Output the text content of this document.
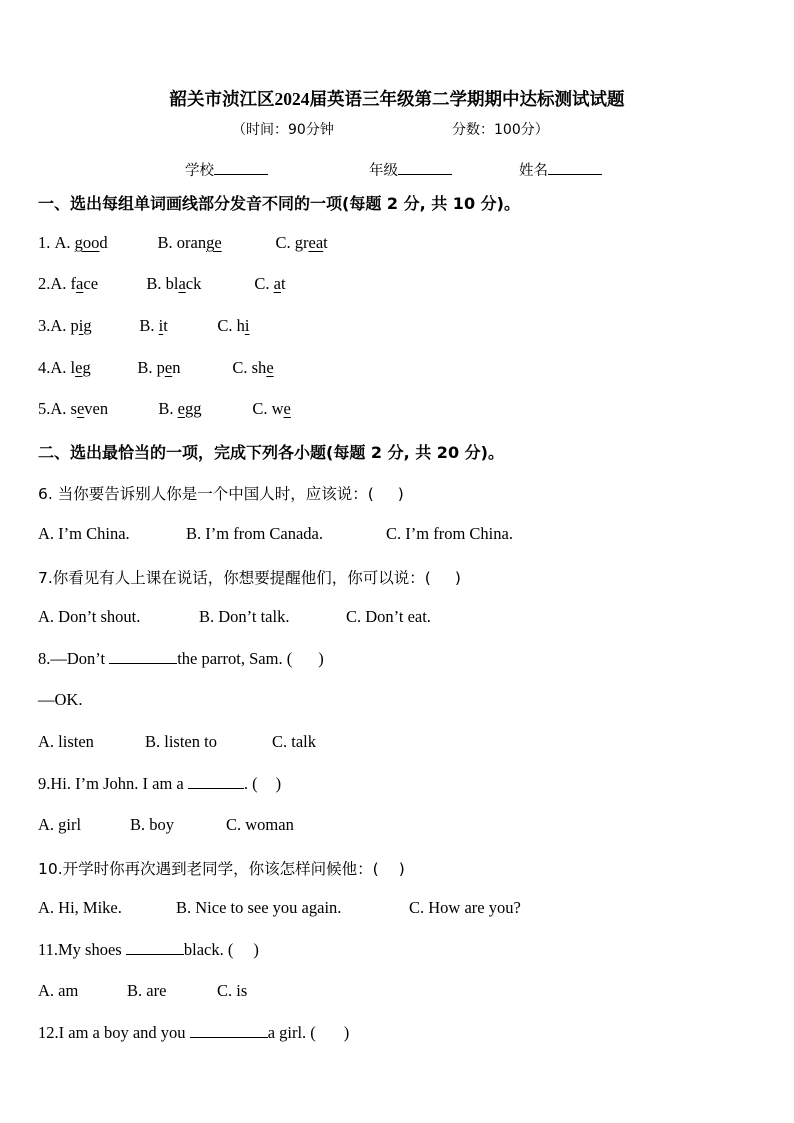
韶关市浈江区2024届英语三年级第二学期期中达标测试试题
（时间：90分钟	分数：100分）
学校	年级	姓名
一、选出每组单词画线部分发音不同的一项(每题 2 分, 共 10 分)。
1. A. good	B. orange	C. great
2.A. face	B. black	C. at
3.A. pig	B. it	C. hi
4.A. leg	B. pen	C. she
5.A. seven	B. egg	C. we
二、选出最恰当的一项，完成下列各小题(每题 2 分, 共 20 分)。
6. 当你要告诉别人你是一个中国人时，应该说：( )
A. I’m China.	B. I’m from Canada.	C. I’m from China.
7.你看见有人上课在说话，你想要提醒他们，你可以说：( )
A. Don’t shout.	B. Don’t talk.	C. Don’t eat.
8.—Don’t	the parrot, Sam. ( )
—OK.
A. listen	B. listen to	C. talk
9.Hi. I’m John. I am a	. ( )
A. girl	B. boy	C. woman
10.开学时你再次遇到老同学，你该怎样问候他：( )
A. Hi, Mike.	B. Nice to see you again.	C. How are you?
11.My shoes	black. ( )
A. am	B. are	C. is
12.I am a boy and you	a girl. ( )
